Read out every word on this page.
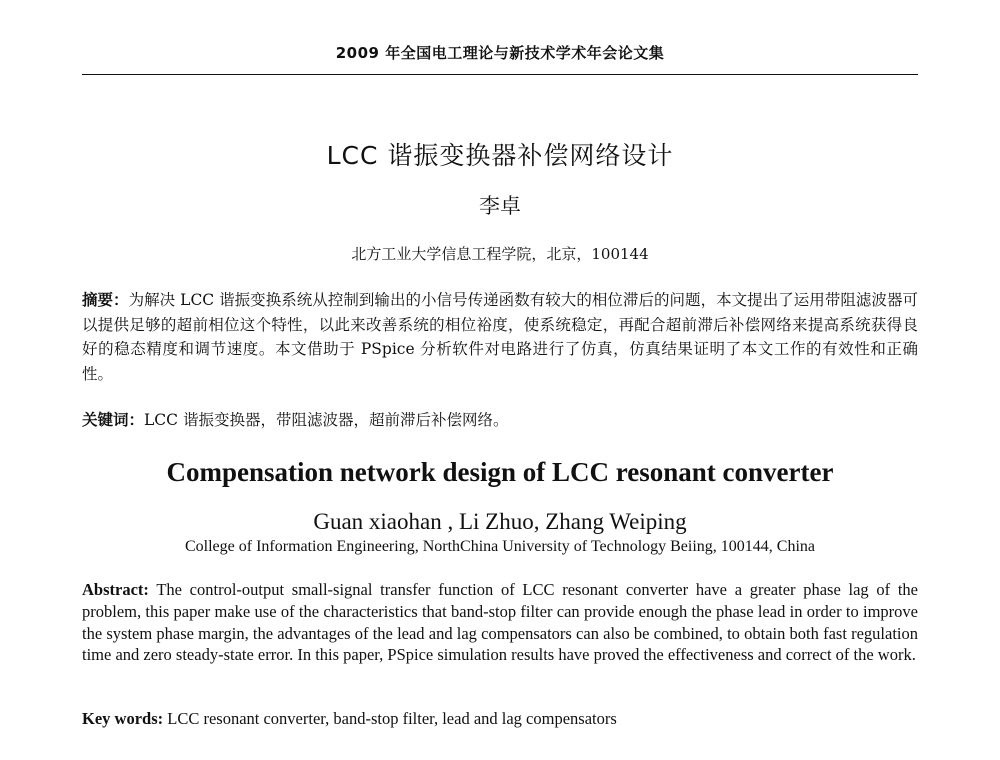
2009 年全国电工理论与新技术学术年会论文集
LCC 谐振变换器补偿网络设计
李卓
北方工业大学信息工程学院，北京，100144
摘要：为解决 LCC 谐振变换系统从控制到输出的小信号传递函数有较大的相位滞后的问题，本文提出了运用带阻滤波器可以提供足够的超前相位这个特性，以此来改善系统的相位裕度，使系统稳定，再配合超前滞后补偿网络来提高系统获得良好的稳态精度和调节速度。本文借助于 PSpice 分析软件对电路进行了仿真，仿真结果证明了本文工作的有效性和正确性。
关键词：LCC 谐振变换器，带阻滤波器，超前滞后补偿网络。
Compensation network design of LCC resonant converter
Guan xiaohan , Li Zhuo, Zhang Weiping
College of Information Engineering, NorthChina University of Technology Beiing, 100144, China
Abstract: The control-output small-signal transfer function of LCC resonant converter have a greater phase lag of the problem, this paper make use of the characteristics that band-stop filter can provide enough the phase lead in order to improve the system phase margin, the advantages of the lead and lag compensators can also be combined, to obtain both fast regulation time and zero steady-state error. In this paper, PSpice simulation results have proved the effectiveness and correct of the work.
Key words: LCC resonant converter, band-stop filter, lead and lag compensators
